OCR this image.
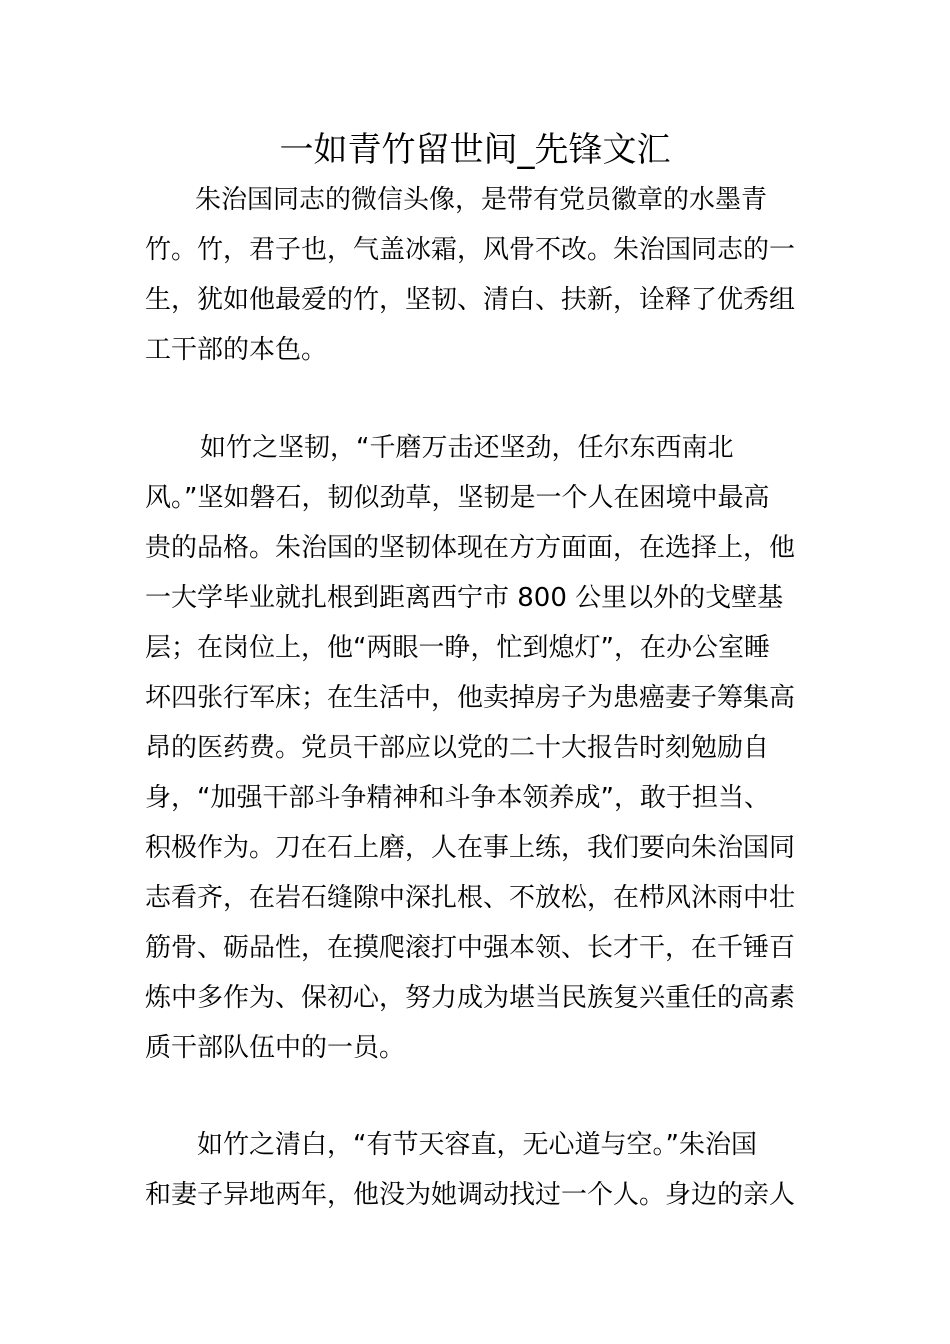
一如青竹留世间_先锋文汇
朱治国同志的微信头像，是带有党员徽章的水墨青
竹。竹，君子也，气盖冰霜，风骨不改。朱治国同志的一
生，犹如他最爱的竹，坚韧、清白、扶新，诠释了优秀组
工干部的本色。
如竹之坚韧，“千磨万击还坚劲，任尔东西南北
风。”坚如磐石，韧似劲草，坚韧是一个人在困境中最高
贵的品格。朱治国的坚韧体现在方方面面，在选择上，他
一大学毕业就扎根到距离西宁市 800 公里以外的戈壁基
层；在岗位上，他“两眼一睁，忙到熄灯”，在办公室睡
坏四张行军床；在生活中，他卖掉房子为患癌妻子筹集高
昂的医药费。党员干部应以党的二十大报告时刻勉励自
身，“加强干部斗争精神和斗争本领养成”，敢于担当、
积极作为。刀在石上磨，人在事上练，我们要向朱治国同
志看齐，在岩石缝隙中深扎根、不放松，在栉风沐雨中壮
筋骨、砺品性，在摸爬滚打中强本领、长才干，在千锤百
炼中多作为、保初心，努力成为堪当民族复兴重任的高素
质干部队伍中的一员。
如竹之清白，“有节天容直，无心道与空。”朱治国
和妻子异地两年，他没为她调动找过一个人。身边的亲人
